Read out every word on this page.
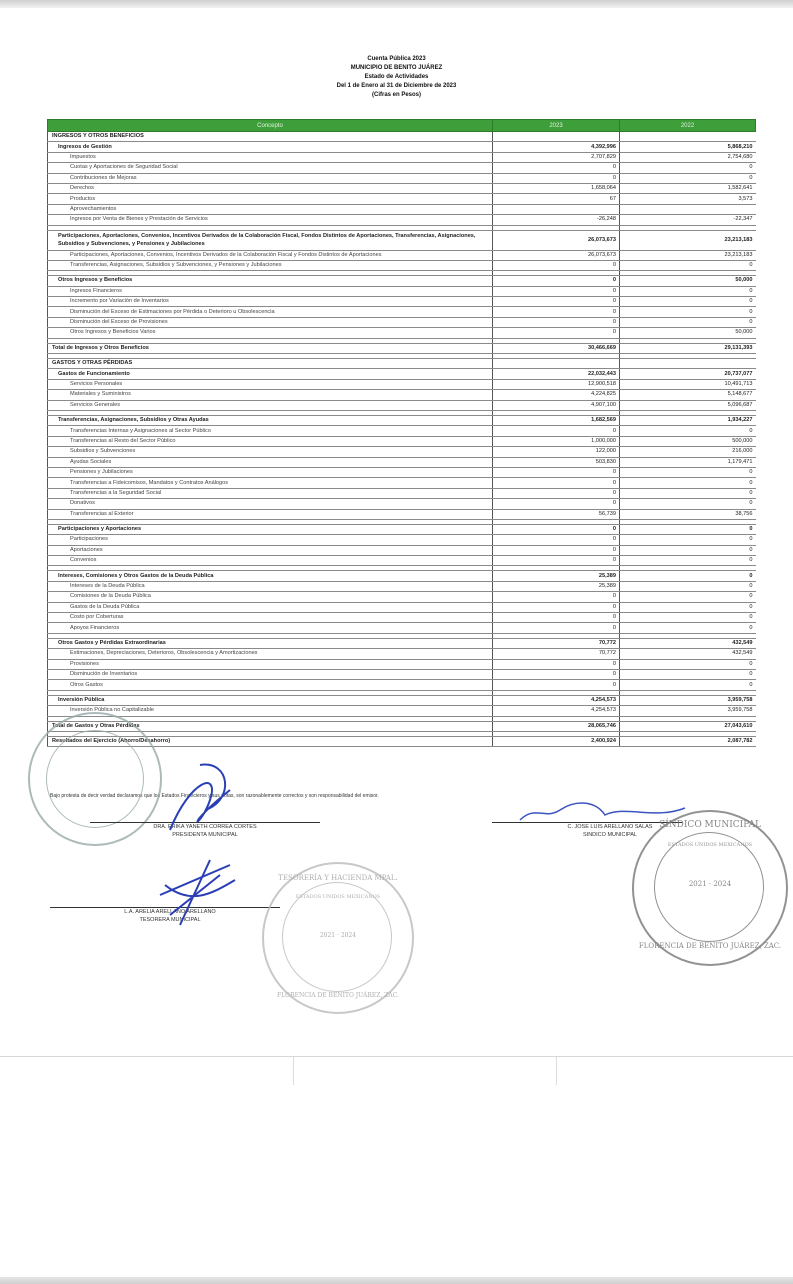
Cuenta Pública 2023
MUNICIPIO DE BENITO JUÁREZ
Estado de Actividades
Del 1 de Enero al 31 de Diciembre de 2023
(Cifras en Pesos)
Concepto	2023	2022
INGRESOS Y OTROS BENEFICIOS		
Ingresos de Gestión	4,392,996	5,868,210
Impuestos	2,707,829	2,754,680
Cuotas y Aportaciones de Seguridad Social	0	0
Contribuciones de Mejoras	0	0
Derechos	1,658,064	1,582,641
Productos	67	3,573
Aprovechamientos		
Ingresos por Venta de Bienes y Prestación de Servicios	-26,248	-22,347

Participaciones, Aportaciones, Convenios, Incentivos Derivados de la Colaboración Fiscal, Fondos Distintos de Aportaciones, Transferencias, Asignaciones, Subsidios y Subvenciones, y Pensiones y Jubilaciones	26,073,673	23,213,183
Participaciones, Aportaciones, Convenios, Incentivos Derivados de la Colaboración Fiscal y Fondos Distintos de Aportaciones	26,073,673	23,213,183
Transferencias, Asignaciones, Subsidios y Subvenciones, y Pensiones y Jubilaciones	0	0

Otros Ingresos y Beneficios	0	50,000
Ingresos Financieros	0	0
Incremento por Variación de Inventarios	0	0
Disminución del Exceso de Estimaciones por Pérdida o Deterioro u Obsolescencia	0	0
Disminución del Exceso de Provisiones	0	0
Otros Ingresos y Beneficios Varios	0	50,000

Total de Ingresos y Otros Beneficios	30,466,669	29,131,393

GASTOS Y OTRAS PÉRDIDAS		
Gastos de Funcionamiento	22,032,443	20,737,077
Servicios Personales	12,900,518	10,491,713
Materiales y Suministros	4,224,825	5,148,677
Servicios Generales	4,907,100	5,096,687

Transferencias, Asignaciones, Subsidios y Otras Ayudas	1,682,569	1,934,227
Transferencias Internas y Asignaciones al Sector Público	0	0
Transferencias al Resto del Sector Público	1,000,000	500,000
Subsidios y Subvenciones	122,000	216,000
Ayudas Sociales	503,830	1,179,471
Pensiones y Jubilaciones	0	0
Transferencias a Fideicomisos, Mandatos y Contratos Análogos	0	0
Transferencias a la Seguridad Social	0	0
Donativos	0	0
Transferencias al Exterior	56,739	38,756

Participaciones y Aportaciones	0	0
Participaciones	0	0
Aportaciones	0	0
Convenios	0	0

Intereses, Comisiones y Otros Gastos de la Deuda Pública	25,389	0
Intereses de la Deuda Pública	25,389	0
Comisiones de la Deuda Pública	0	0
Gastos de la Deuda Pública	0	0
Costo por Coberturas	0	0
Apoyos Financieros	0	0

Otros Gastos y Pérdidas Extraordinarias	70,772	432,549
Estimaciones, Depreciaciones, Deterioros, Obsolescencia y Amortizaciones	70,772	432,549
Provisiones	0	0
Disminución de Inventarios	0	0
Otros Gastos	0	0

Inversión Pública	4,254,573	3,959,758
Inversión Pública no Capitalizable	4,254,573	3,959,758

Total de Gastos y Otras Pérdidas	28,065,746	27,043,610

Resultados del Ejercicio (Ahorro/Desahorro)	2,400,924	2,087,782
Bajo protesta de decir verdad declaramos que los Estados Financieros y sus notas, son razonablemente correctos y son responsabilidad del emisor.
DRA. ERIKA YANETH CORREA CORTES
PRESIDENTA MUNICIPAL
C. JOSE LUIS ARELLANO SALAS
SINDICO MUNICIPAL
L.A. ARELIA ARELLANO ARELLANO
TESORERA MUNICIPAL
TESORERÍA Y HACIENDA MPAL.
ESTADOS UNIDOS MEXICANOS
2021 · 2024
FLORENCIA DE BENITO JUÁREZ, ZAC.
SÍNDICO MUNICIPAL
ESTADOS UNIDOS MEXICANOS
2021 · 2024
FLORENCIA DE BENITO JUÁREZ, ZAC.
